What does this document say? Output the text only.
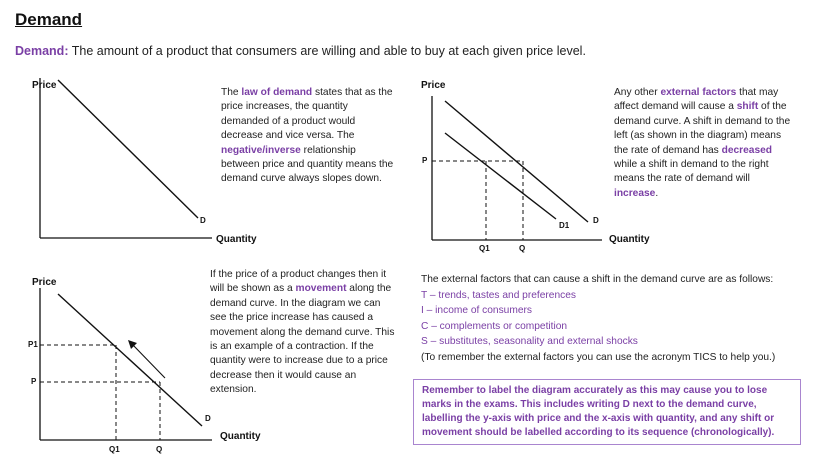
Demand
Demand: The amount of a product that consumers are willing and able to buy at each given price level.
Price
Quantity
D
The law of demand states that as the price increases, the quantity demanded of a product would decrease and vice versa. The negative/inverse relationship between price and quantity means the demand curve always slopes down.
Price
Quantity
P
D1
D
Q1	Q
Any other external factors that may affect demand will cause a shift of the demand curve. A shift in demand to the left (as shown in the diagram) means the rate of demand has decreased while a shift in demand to the right means the rate of demand will increase.
Price
Quantity
P1
P
D
Q1	Q
If the price of a product changes then it will be shown as a movement along the demand curve. In the diagram we can see the price increase has caused a movement along the demand curve. This is an example of a contraction. If the quantity were to increase due to a price decrease then it would cause an extension.
The external factors that can cause a shift in the demand curve are as follows:
T – trends, tastes and preferences
I – income of consumers
C – complements or competition
S – substitutes, seasonality and external shocks
(To remember the external factors you can use the acronym TICS to help you.)
Remember to label the diagram accurately as this may cause you to lose marks in the exams. This includes writing D next to the demand curve, labelling the y-axis with price and the x-axis with quantity, and any shift or movement should be labelled according to its sequence (chronologically).
